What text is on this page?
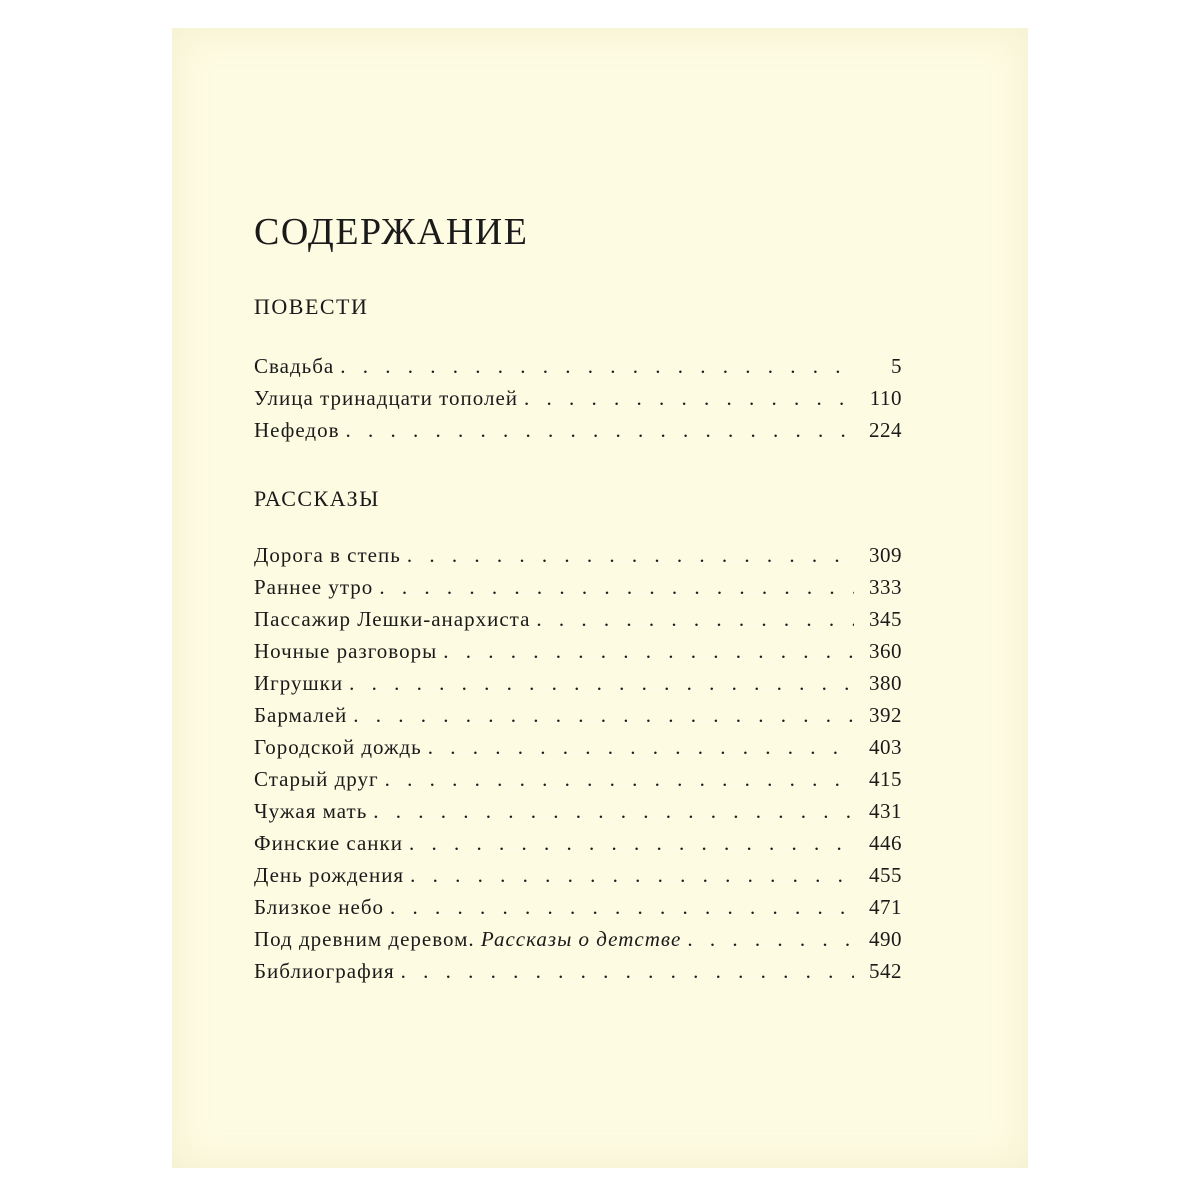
СОДЕРЖАНИЕ
ПОВЕСТИ
Свадьба . . .	5
Улица тринадцати тополей . . .	110
Нефедов . . .	224
РАССКАЗЫ
Дорога в степь . . .	309
Раннее утро . . .	333
Пассажир Лешки-анархиста . . .	345
Ночные разговоры . . .	360
Игрушки . . .	380
Бармалей . . .	392
Городской дождь . . .	403
Старый друг . . .	415
Чужая мать . . .	431
Финские санки . . .	446
День рождения . . .	455
Близкое небо . . .	471
Под древним деревом. Рассказы о детстве . . .	490
Библиография . . .	542
